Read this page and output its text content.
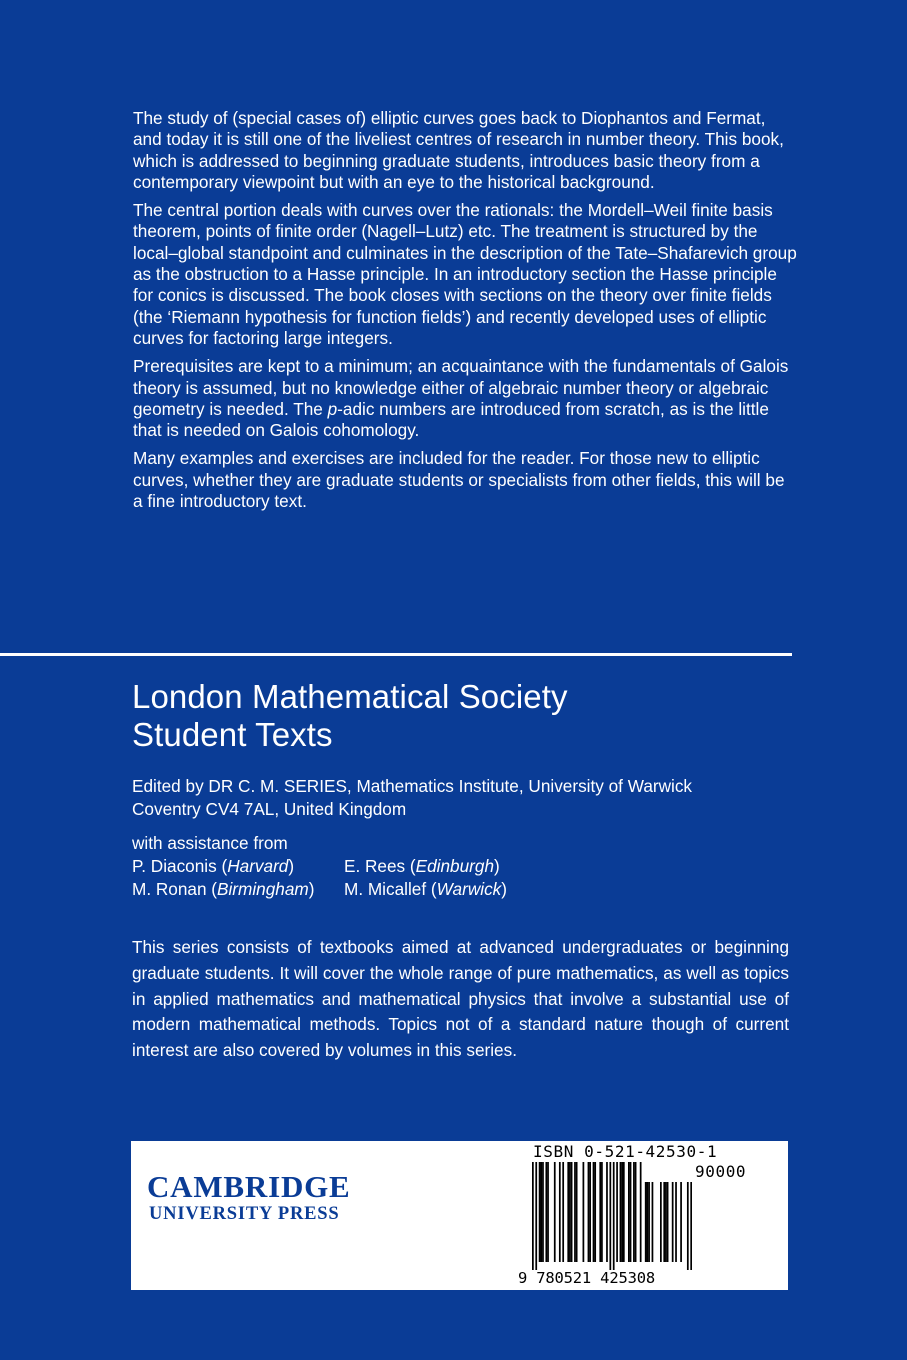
The study of (special cases of) elliptic curves goes back to Diophantos and Fermat, and today it is still one of the liveliest centres of research in number theory. This book, which is addressed to beginning graduate students, introduces basic theory from a contemporary viewpoint but with an eye to the historical background.

The central portion deals with curves over the rationals: the Mordell–Weil finite basis theorem, points of finite order (Nagell–Lutz) etc. The treatment is structured by the local–global standpoint and culminates in the description of the Tate–Shafarevich group as the obstruction to a Hasse principle. In an introductory section the Hasse principle for conics is discussed. The book closes with sections on the theory over finite fields (the ‘Riemann hypothesis for function fields’) and recently developed uses of elliptic curves for factoring large integers.

Prerequisites are kept to a minimum; an acquaintance with the fundamentals of Galois theory is assumed, but no knowledge either of algebraic number theory or algebraic geometry is needed. The p-adic numbers are introduced from scratch, as is the little that is needed on Galois cohomology.

Many examples and exercises are included for the reader. For those new to elliptic curves, whether they are graduate students or specialists from other fields, this will be a fine introductory text.

London Mathematical Society
Student Texts
Edited by DR C. M. SERIES, Mathematics Institute, University of Warwick
Coventry CV4 7AL, United Kingdom
with assistance from
P. Diaconis (Harvard)	E. Rees (Edinburgh)
M. Ronan (Birmingham)	M. Micallef (Warwick)

This series consists of textbooks aimed at advanced undergraduates or beginning graduate students. It will cover the whole range of pure mathematics, as well as topics in applied mathematics and mathematical physics that involve a substantial use of modern mathematical methods. Topics not of a standard nature though of current interest are also covered by volumes in this series.

CAMBRIDGE
UNIVERSITY PRESS
ISBN 0-521-42530-1
90000
9 780521 425308
